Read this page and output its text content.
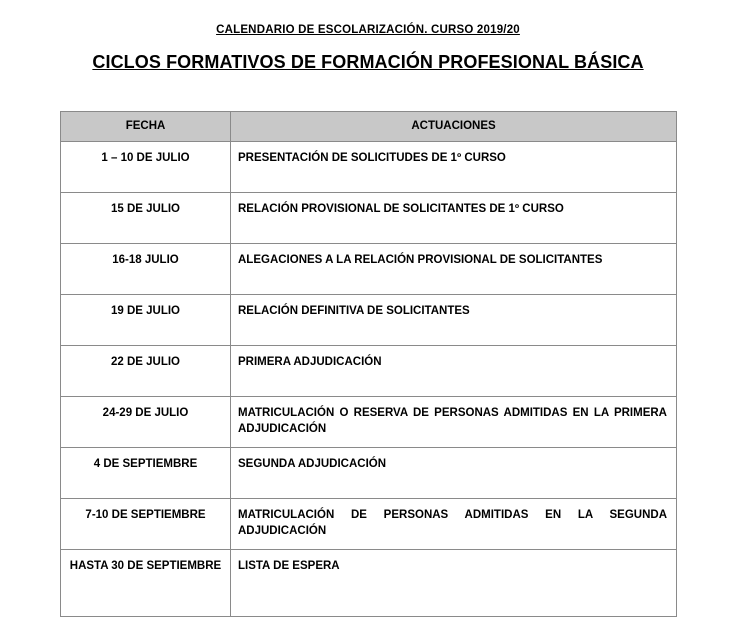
CALENDARIO DE ESCOLARIZACIÓN. CURSO 2019/20
CICLOS FORMATIVOS DE FORMACIÓN PROFESIONAL BÁSICA
FECHA	ACTUACIONES
1 – 10 DE JULIO	PRESENTACIÓN DE SOLICITUDES DE 1º CURSO
15 DE JULIO	RELACIÓN PROVISIONAL DE SOLICITANTES DE 1º CURSO
16-18 JULIO	ALEGACIONES A LA RELACIÓN PROVISIONAL DE SOLICITANTES
19 DE JULIO	RELACIÓN DEFINITIVA DE SOLICITANTES
22 DE JULIO	PRIMERA ADJUDICACIÓN
24-29 DE JULIO	MATRICULACIÓN O RESERVA DE PERSONAS ADMITIDAS EN LA PRIMERA ADJUDICACIÓN
4 DE SEPTIEMBRE	SEGUNDA ADJUDICACIÓN
7-10 DE SEPTIEMBRE	MATRICULACIÓN DE PERSONAS ADMITIDAS EN LA SEGUNDA ADJUDICACIÓN
HASTA 30 DE SEPTIEMBRE	LISTA DE ESPERA
